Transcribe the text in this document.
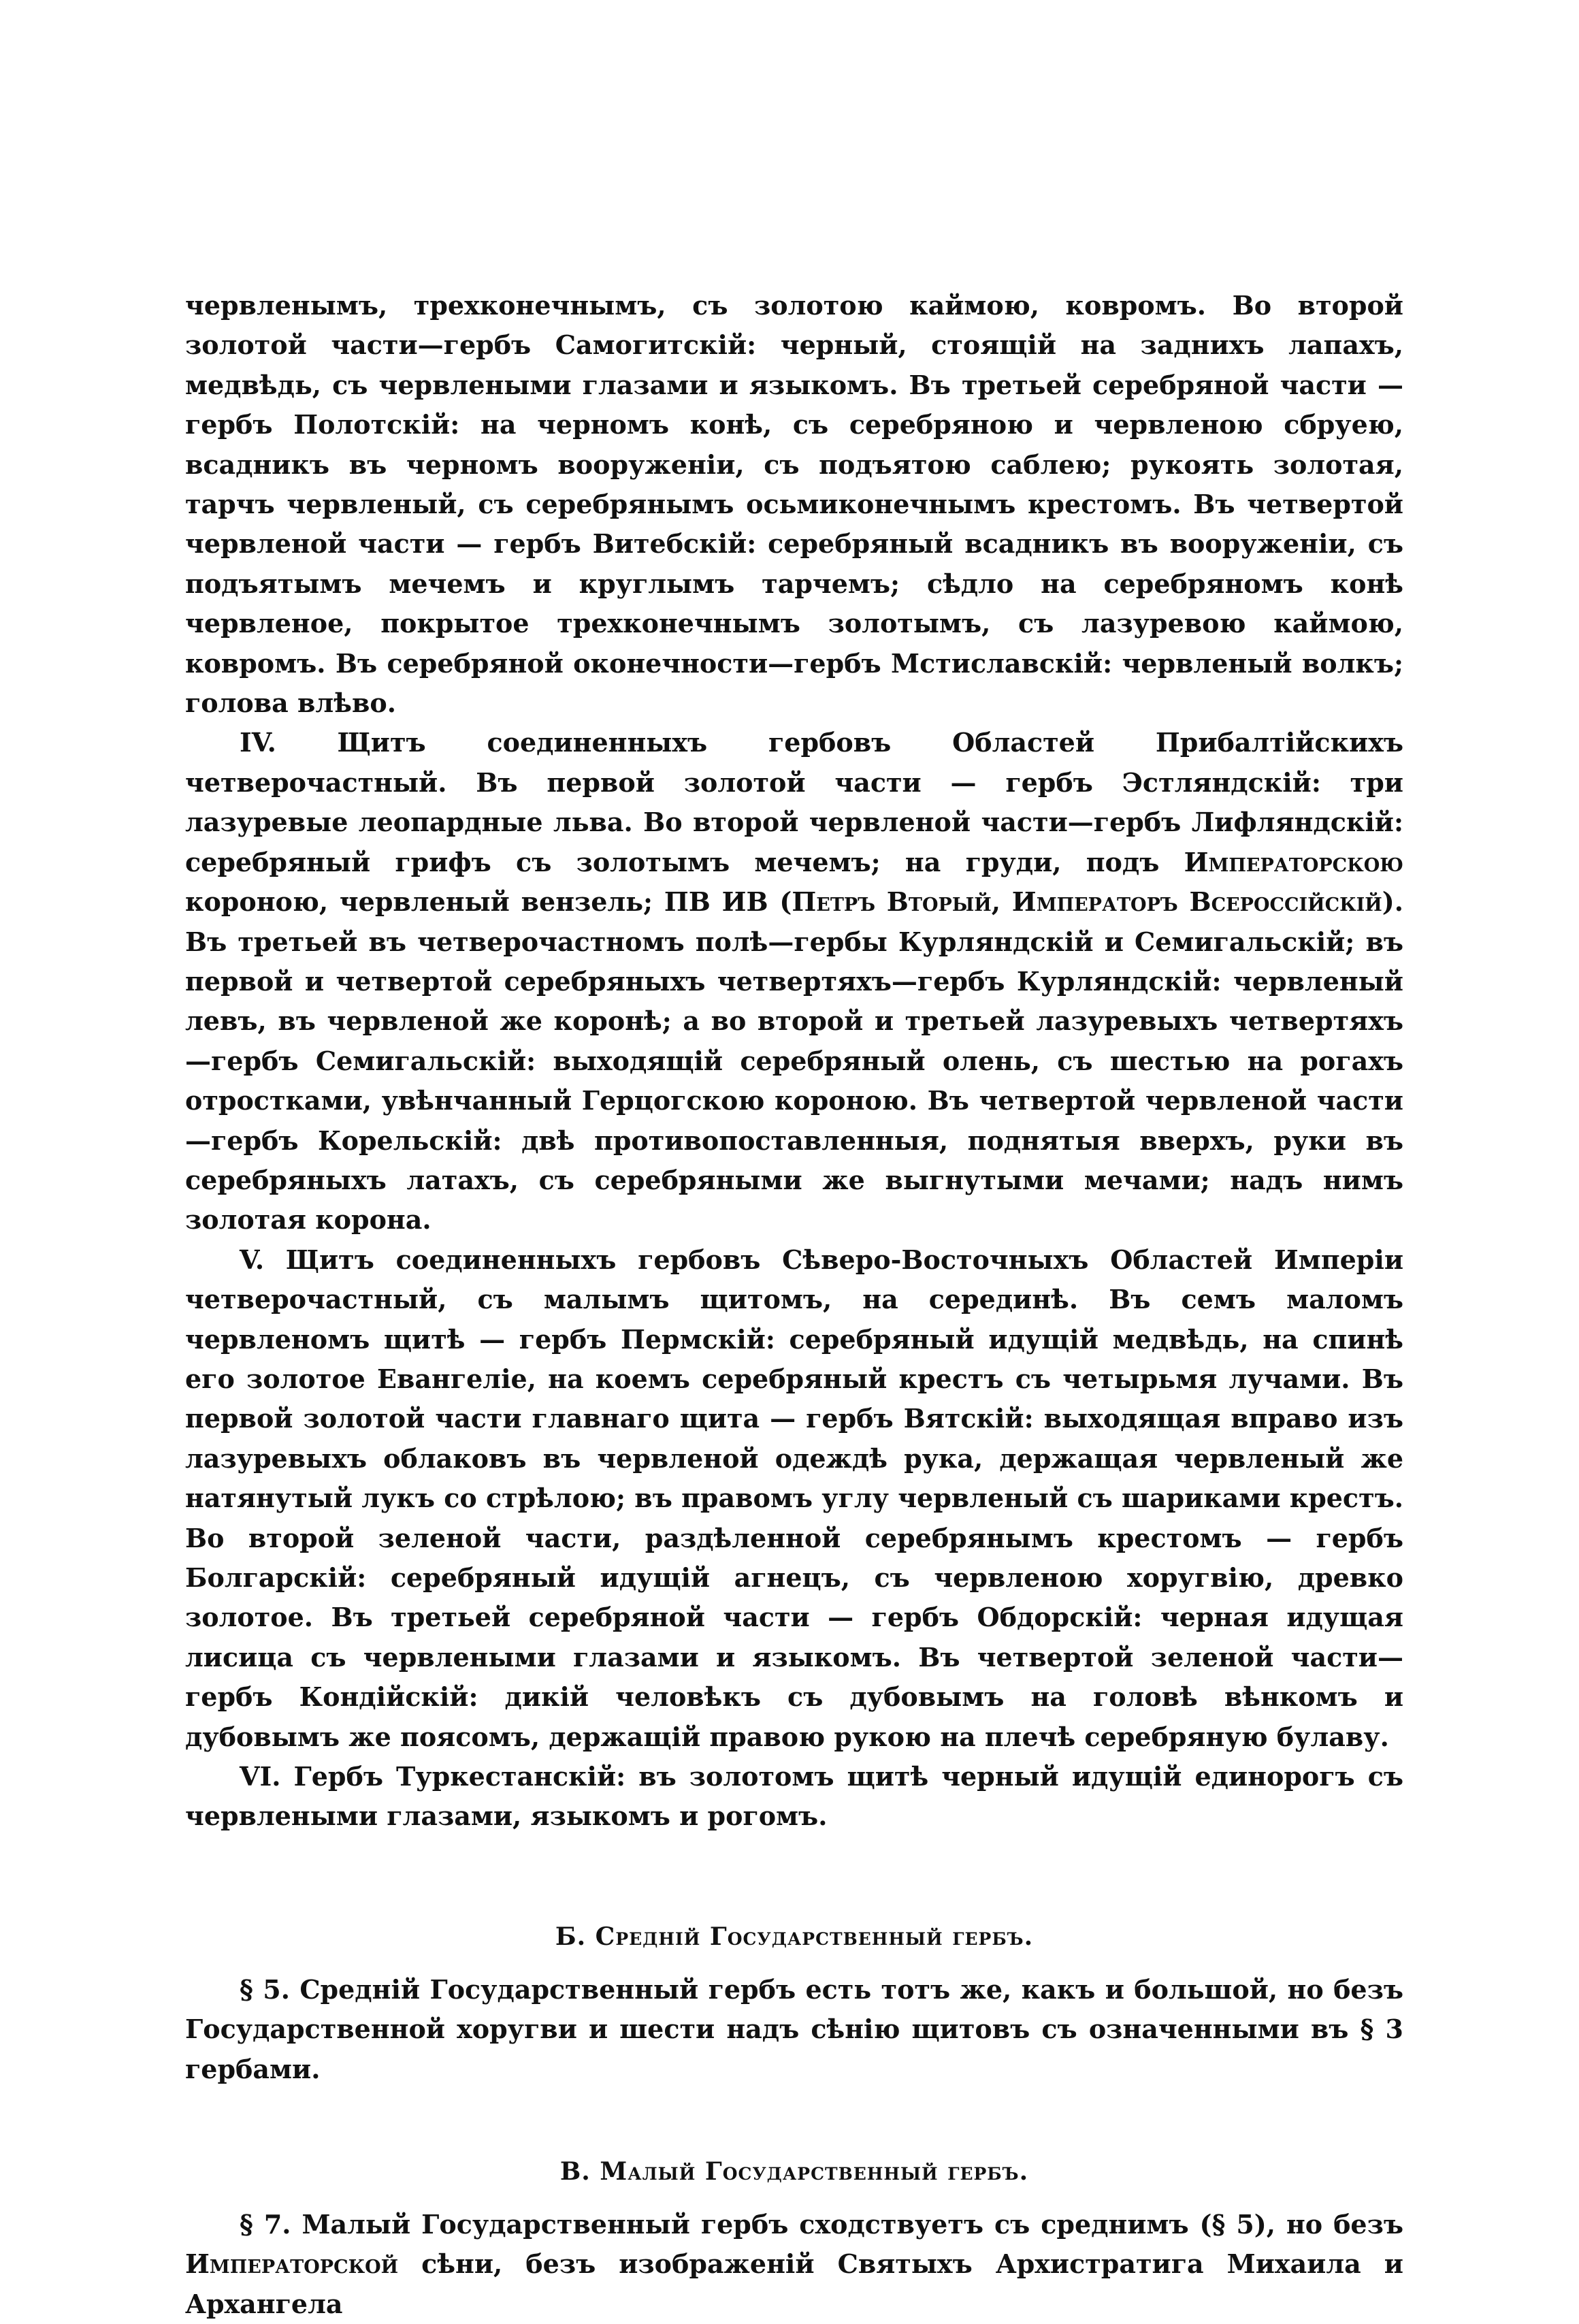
червленымъ, трехконечнымъ, съ золотою каймою, ковромъ. Во второй золотой части—гербъ Самогитскій: черный, стоящій на заднихъ лапахъ, медвѣдь, съ червлеными глазами и языкомъ. Въ третьей серебряной части — гербъ Полотскій: на черномъ конѣ, съ серебряною и червленою сбруею, всадникъ въ черномъ вооруженіи, съ подъятою саблею; рукоять золотая, тарчъ червленый, съ серебрянымъ осьмиконечнымъ крестомъ. Въ четвертой червленой части — гербъ Витебскій: серебряный всадникъ въ вооруженіи, съ подъятымъ мечемъ и круглымъ тарчемъ; сѣдло на серебряномъ конѣ червленое, покрытое трехконечнымъ золотымъ, съ лазуревою каймою, ковромъ. Въ серебряной оконечности—гербъ Мстиславскій: червленый волкъ; голова влѣво.

IV. Щитъ соединенныхъ гербовъ Областей Прибалтійскихъ четверочастный. Въ первой золотой части — гербъ Эстляндскій: три лазуревые леопардные льва. Во второй червленой части—гербъ Лифляндскій: серебряный грифъ съ золотымъ мечемъ; на груди, подъ Императорскою короною, червленый вензель; ПВ ИВ (Петръ Вторый, Императоръ Всероссійскій). Въ третьей въ четверочастномъ полѣ—гербы Курляндскій и Семигальскій; въ первой и четвертой серебряныхъ четвертяхъ—гербъ Курляндскій: червленый левъ, въ червленой же коронѣ; а во второй и третьей лазуревыхъ четвертяхъ—гербъ Семигальскій: выходящій серебряный олень, съ шестью на рогахъ отростками, увѣнчанный Герцогскою короною. Въ четвертой червленой части—гербъ Корельскій: двѣ противопоставленныя, поднятыя вверхъ, руки въ серебряныхъ латахъ, съ серебряными же выгнутыми мечами; надъ нимъ золотая корона.

V. Щитъ соединенныхъ гербовъ Сѣверо-Восточныхъ Областей Имперіи четверочастный, съ малымъ щитомъ, на серединѣ. Въ семъ маломъ червленомъ щитѣ — гербъ Пермскій: серебряный идущій медвѣдь, на спинѣ его золотое Евангеліе, на коемъ серебряный крестъ съ четырьмя лучами. Въ первой золотой части главнаго щита — гербъ Вятскій: выходящая вправо изъ лазуревыхъ облаковъ въ червленой одеждѣ рука, держащая червленый же натянутый лукъ со стрѣлою; въ правомъ углу червленый съ шариками крестъ. Во второй зеленой части, раздѣленной серебрянымъ крестомъ — гербъ Болгарскій: серебряный идущій агнецъ, съ червленою хоругвію, древко золотое. Въ третьей серебряной части — гербъ Обдорскій: черная идущая лисица съ червлеными глазами и языкомъ. Въ четвертой зеленой части—гербъ Кондійскій: дикій человѣкъ съ дубовымъ на головѣ вѣнкомъ и дубовымъ же поясомъ, держащій правою рукою на плечѣ серебряную булаву.

VI. Гербъ Туркестанскій: въ золотомъ щитѣ черный идущій единорогъ съ червлеными глазами, языкомъ и рогомъ.

Б. Средній Государственный гербъ.

§ 5. Средній Государственный гербъ есть тотъ же, какъ и большой, но безъ Государственной хоругви и шести надъ сѣнію щитовъ съ означенными въ § 3 гербами.

В. Малый Государственный гербъ.

§ 7. Малый Государственный гербъ сходствуетъ съ среднимъ (§ 5), но безъ Императорской сѣни, безъ изображеній Святыхъ Архистратига Михаила и Архангела
